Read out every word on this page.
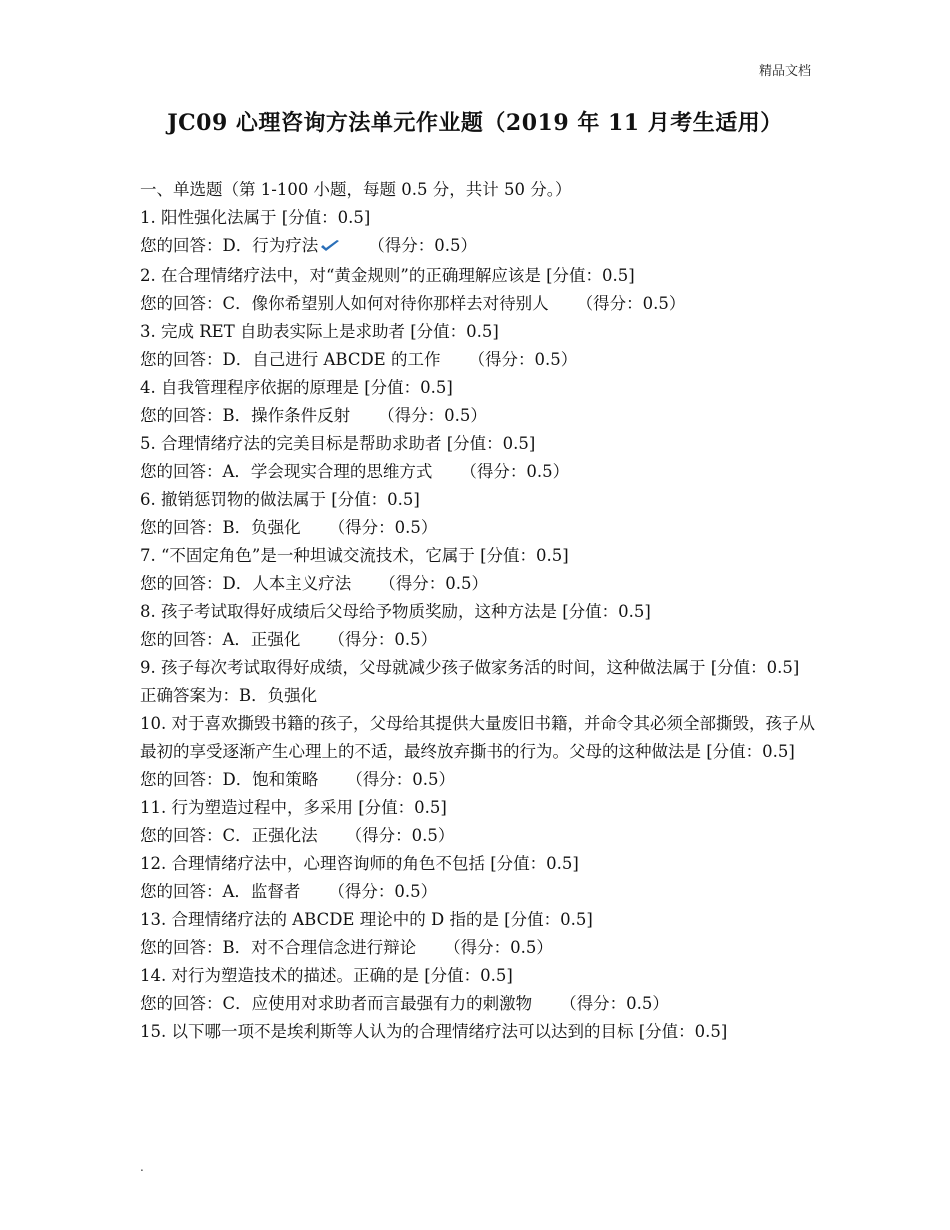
精品文档
JC09 心理咨询方法单元作业题（2019 年 11 月考生适用）
一、单选题（第 1-100 小题，每题 0.5 分，共计 50 分。）
1. 阳性强化法属于 [分值：0.5]
您的回答：D．行为疗法	（得分：0.5）
2. 在合理情绪疗法中，对“黄金规则”的正确理解应该是 [分值：0.5]
您的回答：C．像你希望别人如何对待你那样去对待别人 （得分：0.5）
3. 完成 RET 自助表实际上是求助者 [分值：0.5]
您的回答：D．自己进行 ABCDE 的工作 （得分：0.5）
4. 自我管理程序依据的原理是 [分值：0.5]
您的回答：B．操作条件反射 （得分：0.5）
5. 合理情绪疗法的完美目标是帮助求助者 [分值：0.5]
您的回答：A．学会现实合理的思维方式 （得分：0.5）
6. 撤销惩罚物的做法属于 [分值：0.5]
您的回答：B．负强化 （得分：0.5）
7. “不固定角色”是一种坦诚交流技术，它属于 [分值：0.5]
您的回答：D．人本主义疗法 （得分：0.5）
8. 孩子考试取得好成绩后父母给予物质奖励，这种方法是 [分值：0.5]
您的回答：A．正强化 （得分：0.5）
9. 孩子每次考试取得好成绩，父母就减少孩子做家务活的时间，这种做法属于 [分值：0.5]
正确答案为：B．负强化
10. 对于喜欢撕毁书籍的孩子，父母给其提供大量废旧书籍，并命令其必须全部撕毁，孩子从最初的享受逐渐产生心理上的不适，最终放弃撕书的行为。父母的这种做法是 [分值：0.5]
您的回答：D．饱和策略 （得分：0.5）
11. 行为塑造过程中，多采用 [分值：0.5]
您的回答：C．正强化法 （得分：0.5）
12. 合理情绪疗法中，心理咨询师的角色不包括 [分值：0.5]
您的回答：A．监督者 （得分：0.5）
13. 合理情绪疗法的 ABCDE 理论中的 D 指的是 [分值：0.5]
您的回答：B．对不合理信念进行辩论 （得分：0.5）
14. 对行为塑造技术的描述。正确的是 [分值：0.5]
您的回答：C．应使用对求助者而言最强有力的刺激物 （得分：0.5）
15. 以下哪一项不是埃利斯等人认为的合理情绪疗法可以达到的目标 [分值：0.5]
.
